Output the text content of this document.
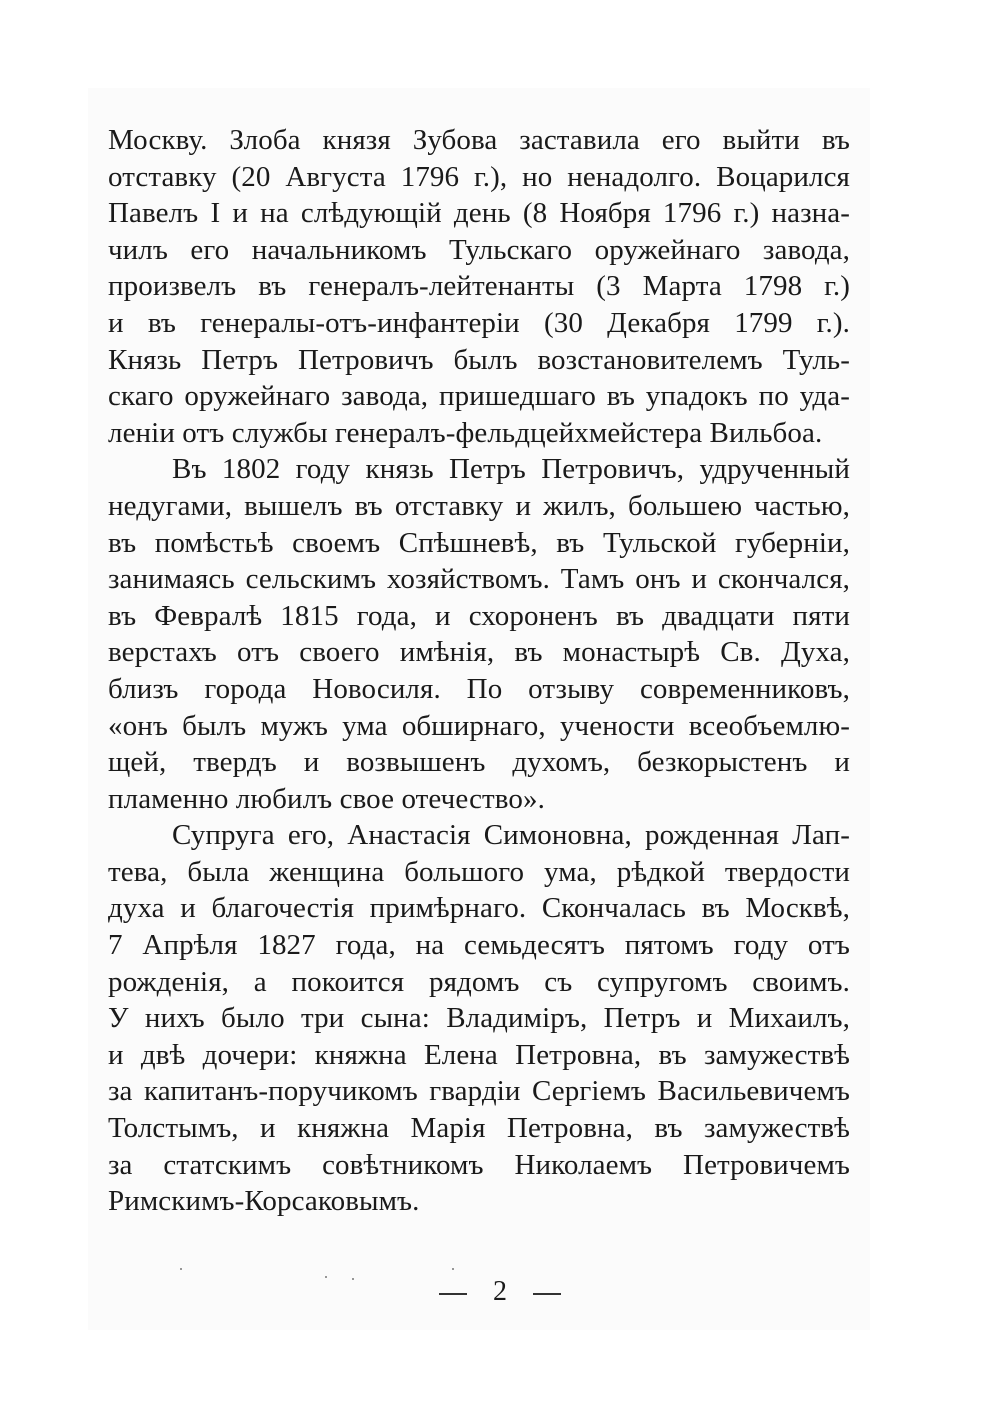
Москву. Злоба князя Зубова заставила его выйти въ
отставку (20 Августа 1796 г.), но ненадолго. Воцарился
Павелъ I и на слѣдующій день (8 Ноября 1796 г.) назна-
чилъ его начальникомъ Тульскаго оружейнаго завода,
произвелъ въ генералъ-лейтенанты (3 Марта 1798 г.)
и въ генералы-отъ-инфантеріи (30 Декабря 1799 г.).
Князь Петръ Петровичъ былъ возстановителемъ Туль-
скаго оружейнаго завода, пришедшаго въ упадокъ по уда-
леніи отъ службы генералъ-фельдцейхмейстера Вильбоа.
Въ 1802 году князь Петръ Петровичъ, удрученный
недугами, вышелъ въ отставку и жилъ, большею частью,
въ помѣстьѣ своемъ Спѣшневѣ, въ Тульской губерніи,
занимаясь сельскимъ хозяйствомъ. Тамъ онъ и скончался,
въ Февралѣ 1815 года, и схороненъ въ двадцати пяти
верстахъ отъ своего имѣнія, въ монастырѣ Св. Духа,
близъ города Новосиля. По отзыву современниковъ,
«онъ былъ мужъ ума обширнаго, учености всеобъемлю-
щей, твердъ и возвышенъ духомъ, безкорыстенъ и
пламенно любилъ свое отечество».
Супруга его, Анастасія Симоновна, рожденная Лап-
тева, была женщина большого ума, рѣдкой твердости
духа и благочестія примѣрнаго. Скончалась въ Москвѣ,
7 Апрѣля 1827 года, на семьдесятъ пятомъ году отъ
рожденія, а покоится рядомъ съ супругомъ своимъ.
У нихъ было три сына: Владиміръ, Петръ и Михаилъ,
и двѣ дочери: княжна Елена Петровна, въ замужествѣ
за капитанъ-поручикомъ гвардіи Сергіемъ Васильевичемъ
Толстымъ, и княжна Марія Петровна, въ замужествѣ
за статскимъ совѣтникомъ Николаемъ Петровичемъ
Римскимъ-Корсаковымъ.
2
